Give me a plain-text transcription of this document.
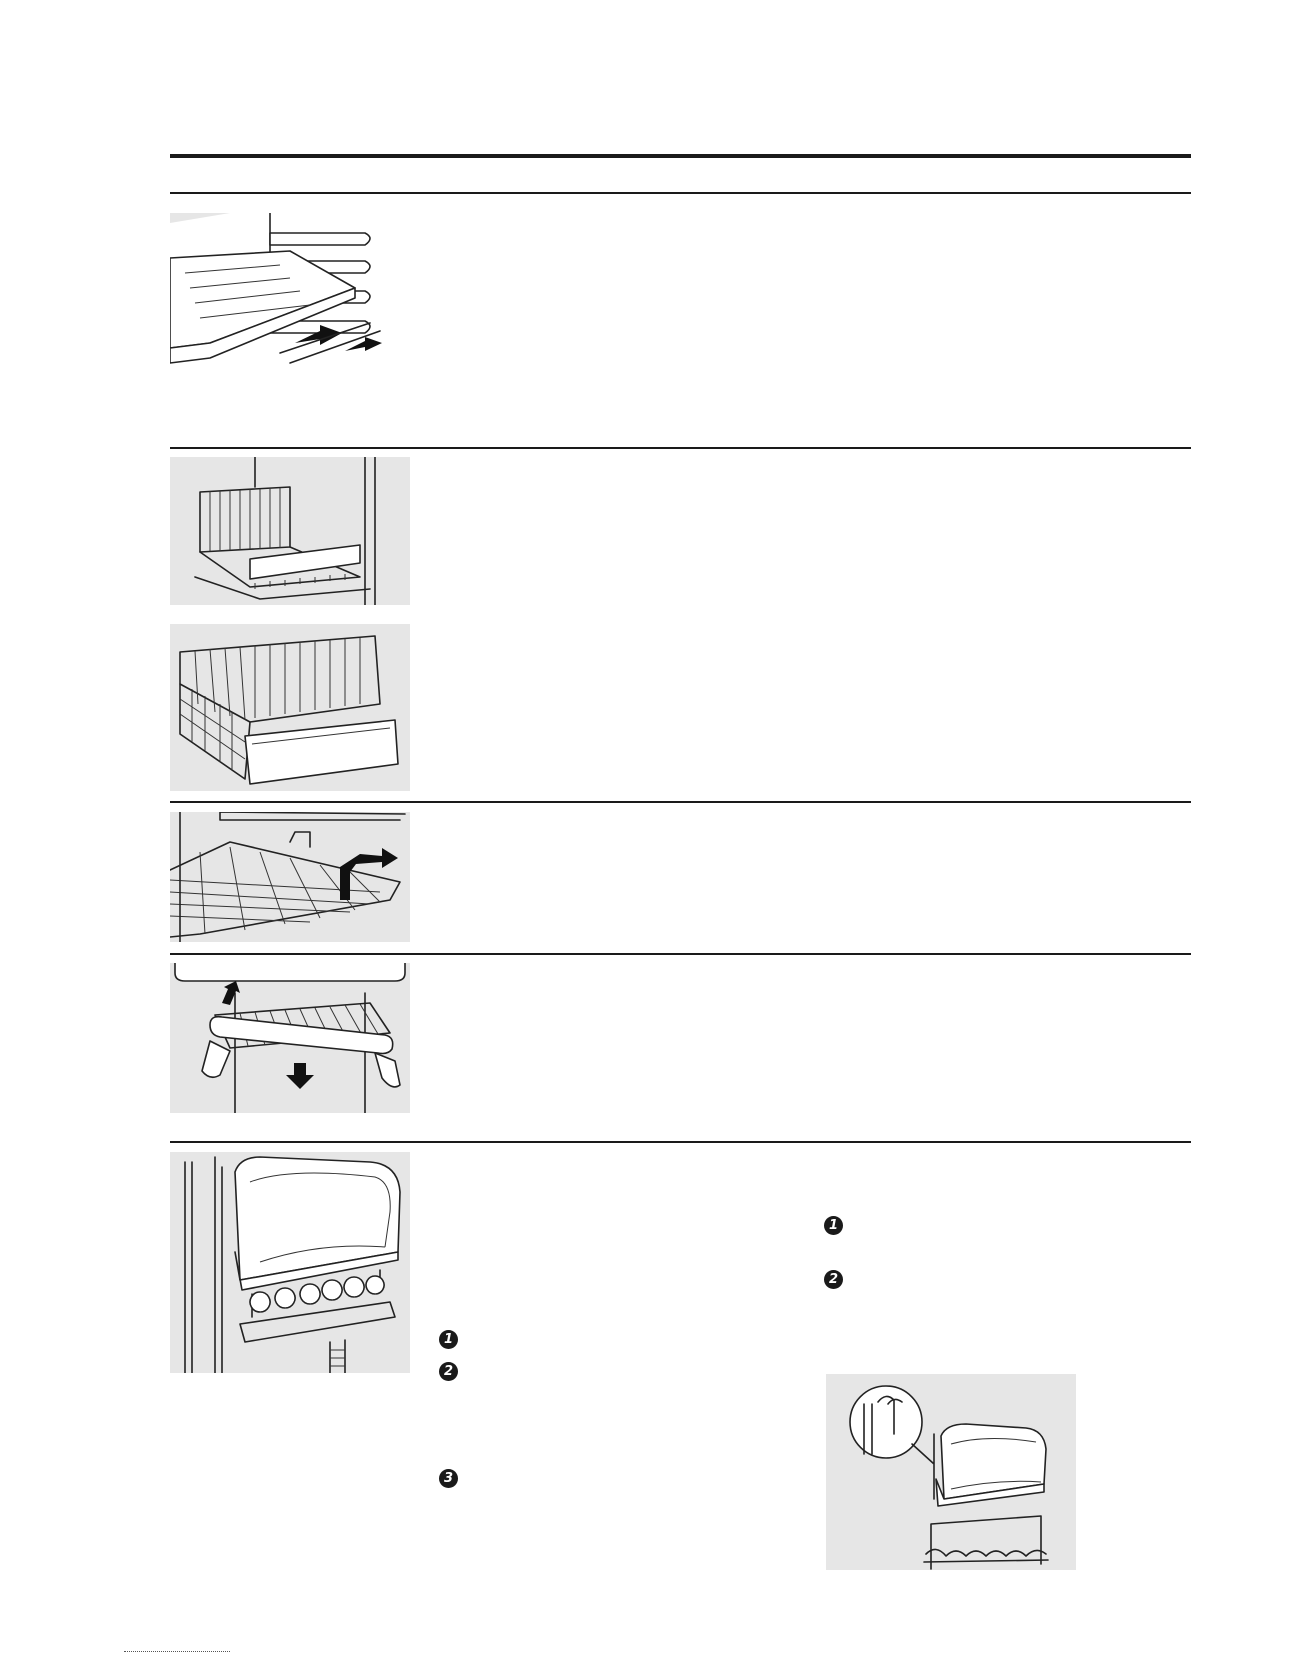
1
2
3
1
2
